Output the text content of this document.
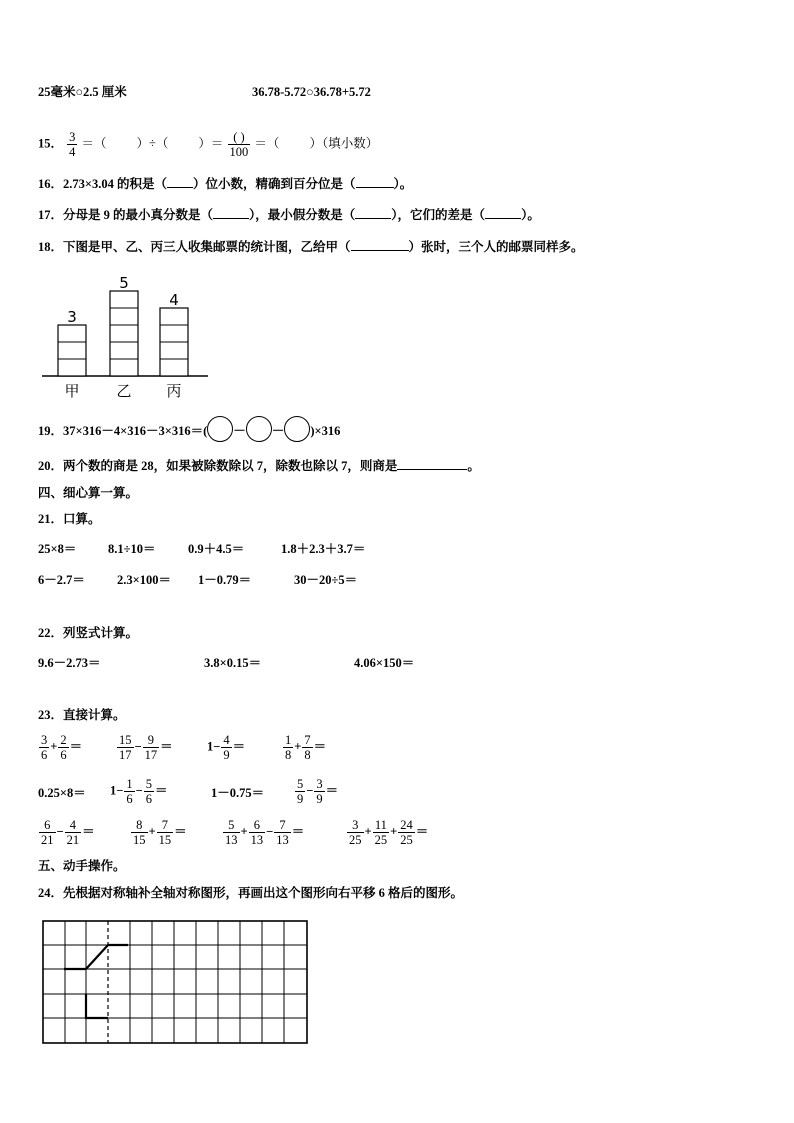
25毫米○2.5 厘米	36.78-5.72○36.78+5.72
15． $\frac{3}{4}$ ＝（ ）÷（ ）＝ $\frac{( )}{100}$ ＝（ ）（填小数）
16．2.73×3.04 的积是（ ）位小数，精确到百分位是（	）。
17．分母是 9 的最小真分数是（	），最小假分数是（	），它们的差是（	）。
18．下图是甲、乙、丙三人收集邮票的统计图，乙给甲（	）张时，三个人的邮票同样多。
3
甲
5
乙
4
丙
19．37×316－4×316－3×316＝( － － )×316
20．两个数的商是 28，如果被除数除以 7，除数也除以 7，则商是	。
四、细心算一算。
21．口算。
25×8＝	8.1÷10＝	0.9＋4.5＝	1.8＋2.3＋3.7＝
6－2.7＝	2.3×100＝ 1－0.79＝	30－20÷5＝
22．列竖式计算。
9.6－2.73＝	3.8×0.15＝	4.06×150＝
23．直接计算。
$\frac{3}{6} + \frac{2}{6}$ ＝	$\frac{15}{17} - \frac{9}{17}$ ＝	$1- \frac{4}{9}$ ＝	$\frac{1}{8} + \frac{7}{8}$ ＝
$0.25\times 8= 1- \frac{1}{6} - \frac{5}{6}$ ＝	$1-0.75= \frac{5}{9} - \frac{3}{9}$ ＝
$\frac{6}{21} - \frac{4}{21}$ ＝	$\frac{8}{15} + \frac{7}{15}$ ＝	$\frac{5}{13} + \frac{6}{13} - \frac{7}{13}$ ＝	$\frac{3}{25} + \frac{11}{25} + \frac{24}{25}$ ＝
五、动手操作。
24．先根据对称轴补全轴对称图形，再画出这个图形向右平移 6 格后的图形。
